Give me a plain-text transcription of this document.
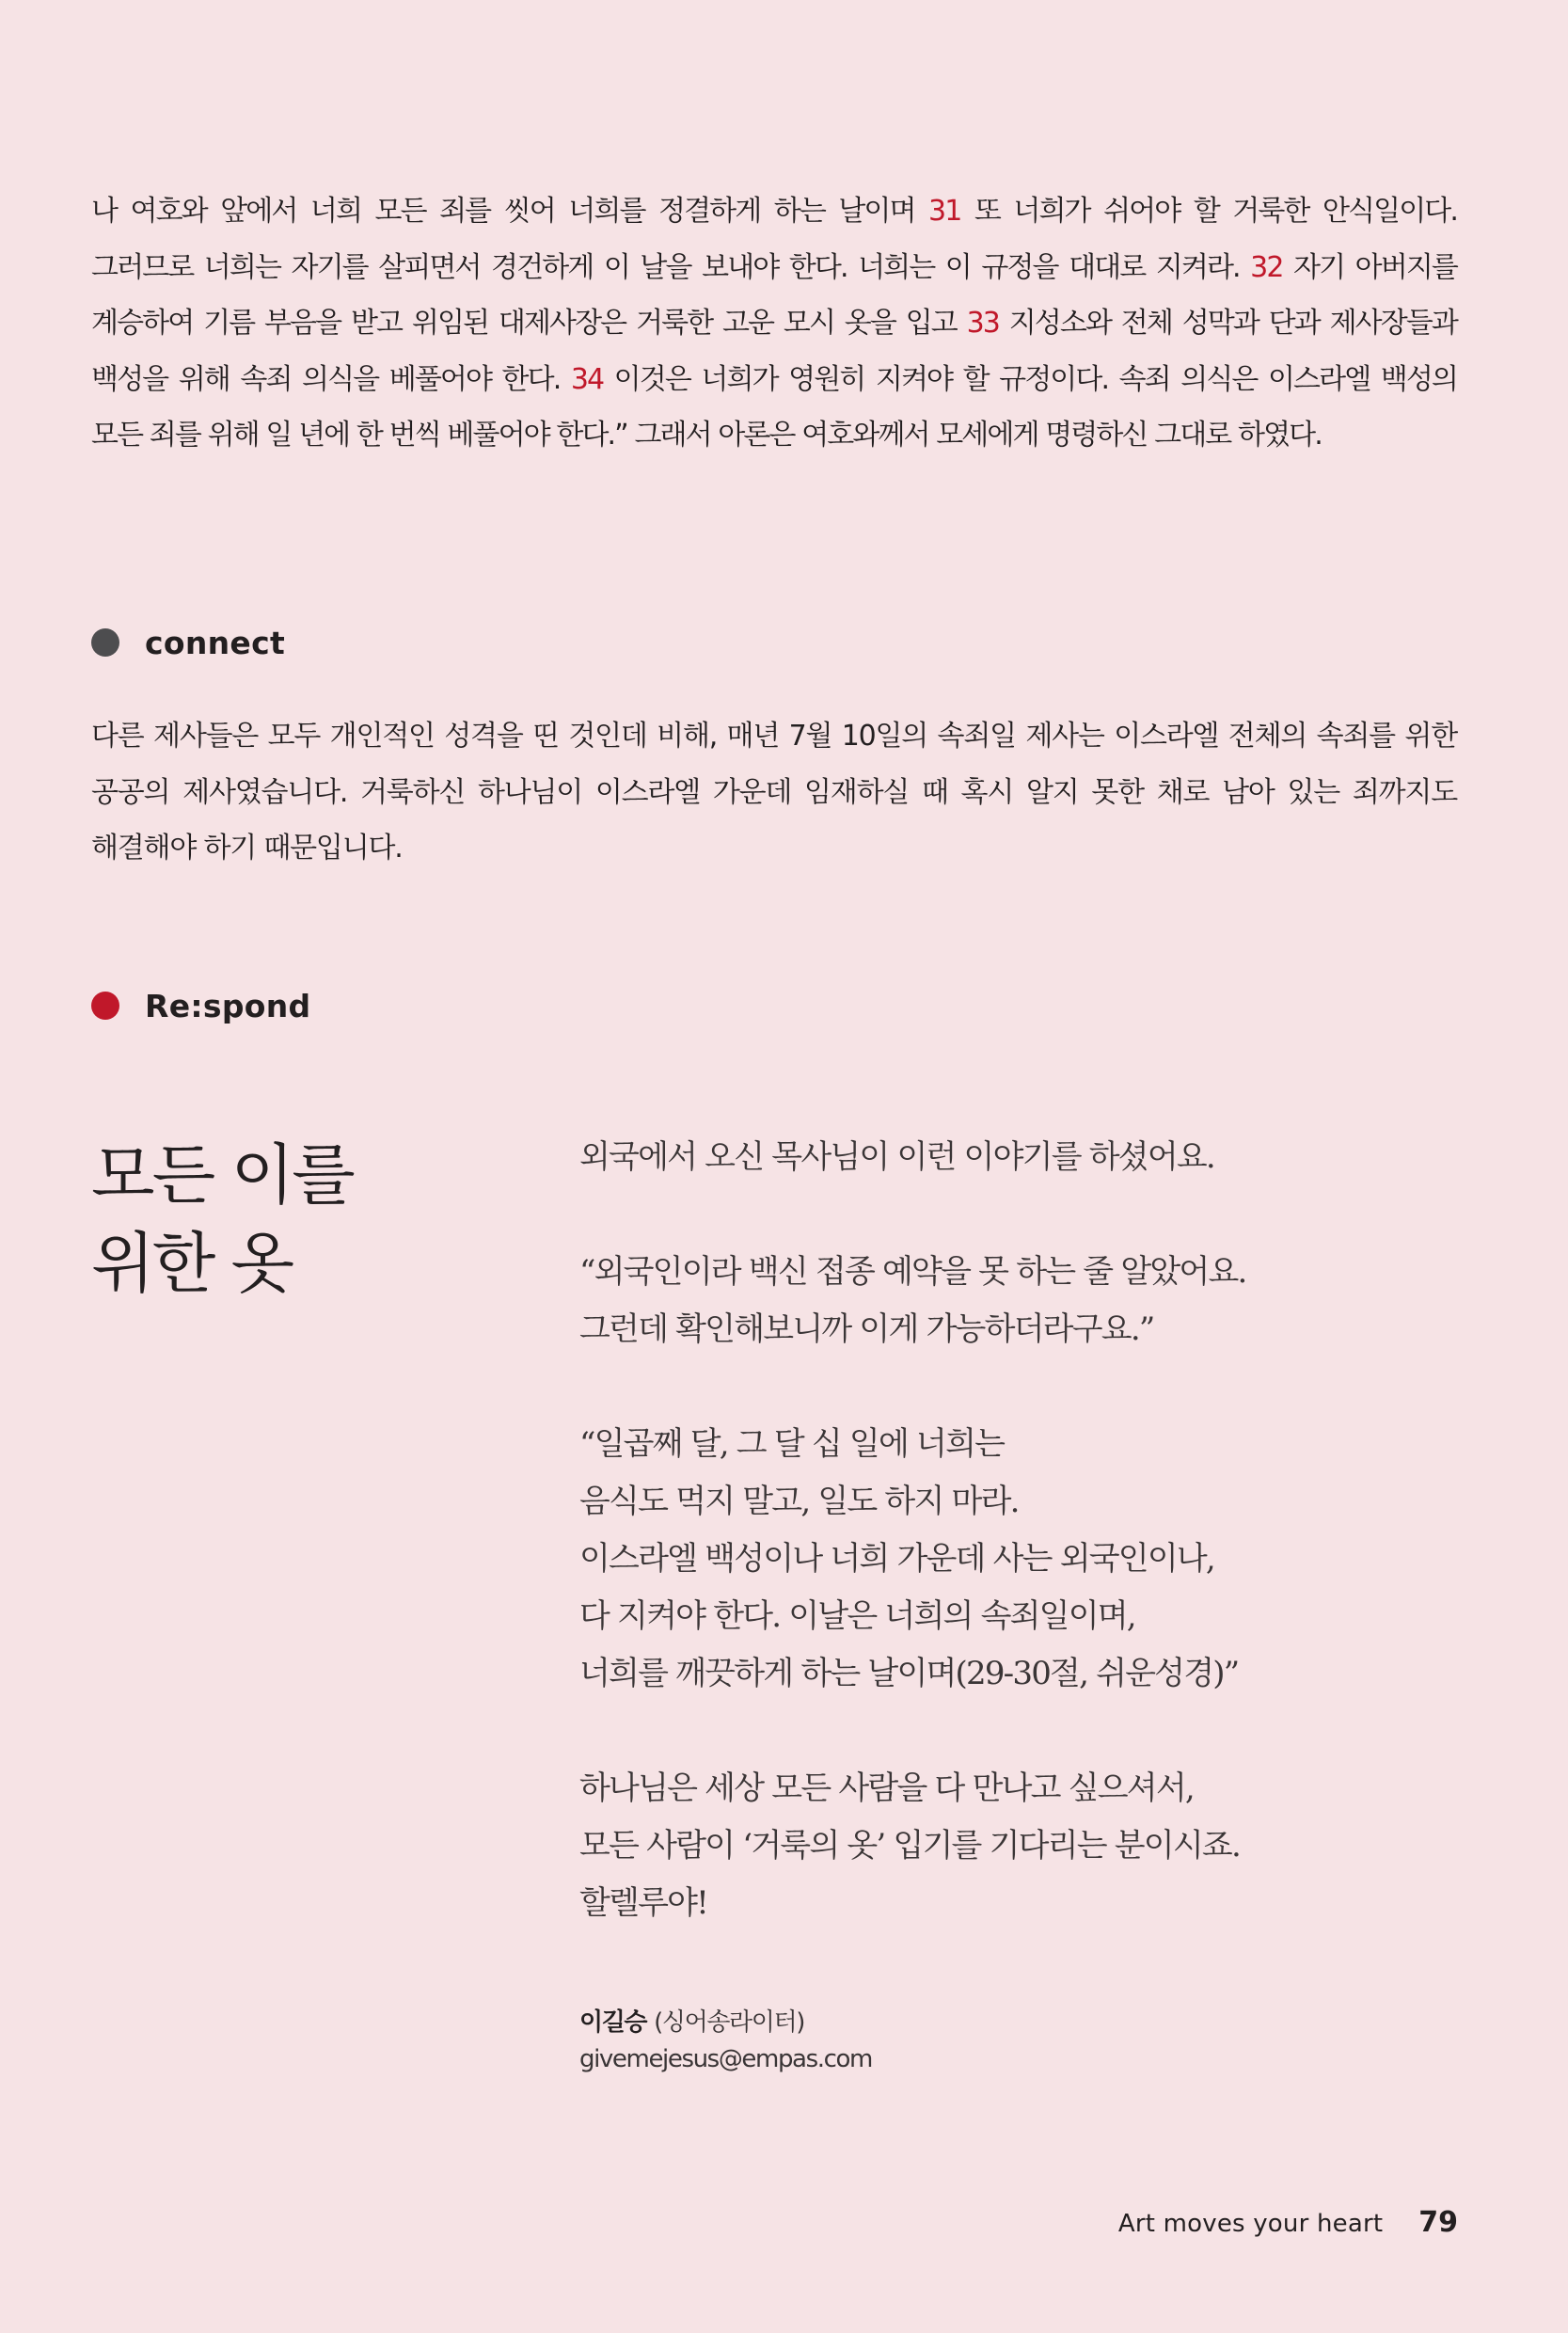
나 여호와 앞에서 너희 모든 죄를 씻어 너희를 정결하게 하는 날이며 31 또 너희가 쉬어야 할 거룩한 안식일이다. 그러므로 너희는 자기를 살피면서 경건하게 이 날을 보내야 한다. 너희는 이 규정을 대대로 지켜라. 32 자기 아버지를 계승하여 기름 부음을 받고 위임된 대제사장은 거룩한 고운 모시 옷을 입고 33 지성소와 전체 성막과 단과 제사장들과 백성을 위해 속죄 의식을 베풀어야 한다. 34 이것은 너희가 영원히 지켜야 할 규정이다. 속죄 의식은 이스라엘 백성의 모든 죄를 위해 일 년에 한 번씩 베풀어야 한다.” 그래서 아론은 여호와께서 모세에게 명령하신 그대로 하였다.

connect

다른 제사들은 모두 개인적인 성격을 띤 것인데 비해, 매년 7월 10일의 속죄일 제사는 이스라엘 전체의 속죄를 위한 공공의 제사였습니다. 거룩하신 하나님이 이스라엘 가운데 임재하실 때 혹시 알지 못한 채로 남아 있는 죄까지도 해결해야 하기 때문입니다.

Re:spond
모든 이를
위한 옷
외국에서 오신 목사님이 이런 이야기를 하셨어요.
“외국인이라 백신 접종 예약을 못 하는 줄 알았어요.
그런데 확인해보니까 이게 가능하더라구요.”
“일곱째 달, 그 달 십 일에 너희는
음식도 먹지 말고, 일도 하지 마라.
이스라엘 백성이나 너희 가운데 사는 외국인이나,
다 지켜야 한다. 이날은 너희의 속죄일이며,
너희를 깨끗하게 하는 날이며(29-30절, 쉬운성경)”
하나님은 세상 모든 사람을 다 만나고 싶으셔서,
모든 사람이 ‘거룩의 옷’ 입기를 기다리는 분이시죠.
할렐루야!
이길승 (싱어송라이터)
givemejesus@empas.com
Art moves your heart 79
